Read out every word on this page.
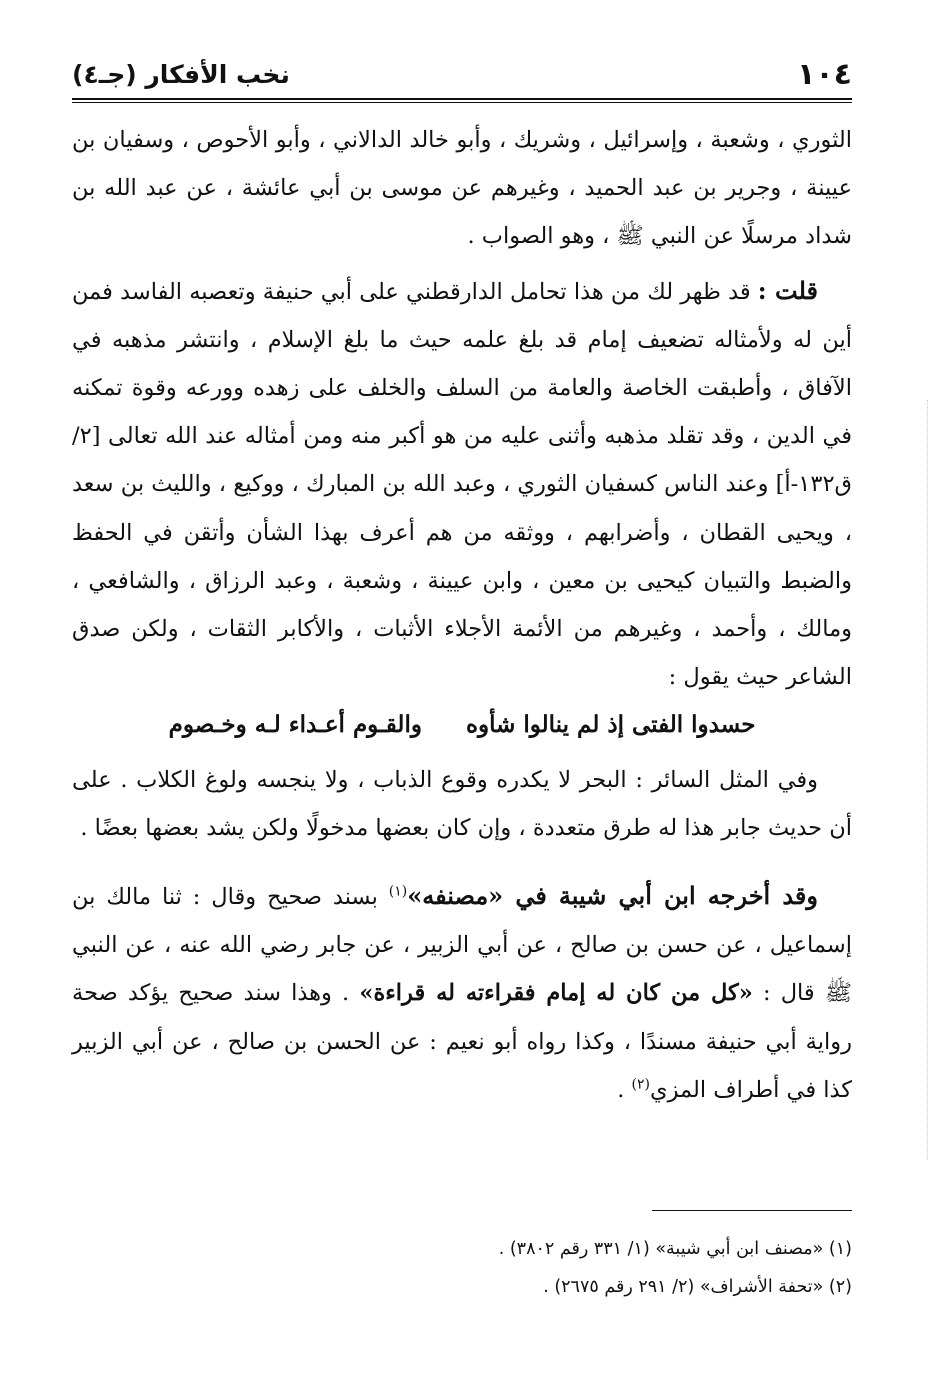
١٠٤
نخب الأفكار (جـ٤)

الثوري ، وشعبة ، وإسرائيل ، وشريك ، وأبو خالد الدالاني ، وأبو الأحوص ، وسفيان بن عيينة ، وجرير بن عبد الحميد ، وغيرهم عن موسى بن أبي عائشة ، عن عبد الله بن شداد مرسلًا عن النبي ﷺ ، وهو الصواب .

قلت : قد ظهر لك من هذا تحامل الدارقطني على أبي حنيفة وتعصبه الفاسد فمن أين له ولأمثاله تضعيف إمام قد بلغ علمه حيث ما بلغ الإسلام ، وانتشر مذهبه في الآفاق ، وأطبقت الخاصة والعامة من السلف والخلف على زهده وورعه وقوة تمكنه في الدين ، وقد تقلد مذهبه وأثنى عليه من هو أكبر منه ومن أمثاله عند الله تعالى [٢/ق١٣٢-أ] وعند الناس كسفيان الثوري ، وعبد الله بن المبارك ، ووكيع ، والليث بن سعد ، ويحيى القطان ، وأضرابهم ، ووثقه من هم أعرف بهذا الشأن وأتقن في الحفظ والضبط والتبيان كيحيى بن معين ، وابن عيينة ، وشعبة ، وعبد الرزاق ، والشافعي ، ومالك ، وأحمد ، وغيرهم من الأئمة الأجلاء الأثبات ، والأكابر الثقات ، ولكن صدق الشاعر حيث يقول :

حسدوا الفتى إذ لم ينالوا شأوه
والقـوم أعـداء لـه وخـصوم

وفي المثل السائر : البحر لا يكدره وقوع الذباب ، ولا ينجسه ولوغ الكلاب . على أن حديث جابر هذا له طرق متعددة ، وإن كان بعضها مدخولًا ولكن يشد بعضها بعضًا .

وقد أخرجه ابن أبي شيبة في «مصنفه»$^{(١)}$ بسند صحيح وقال : ثنا مالك بن إسماعيل ، عن حسن بن صالح ، عن أبي الزبير ، عن جابر رضي الله عنه ، عن النبي ﷺ قال : «كل من كان له إمام فقراءته له قراءة» . وهذا سند صحيح يؤكد صحة رواية أبي حنيفة مسندًا ، وكذا رواه أبو نعيم : عن الحسن بن صالح ، عن أبي الزبير كذا في أطراف المزي$^{(٢)}$ .

(١) «مصنف ابن أبي شيبة» (١/ ٣٣١ رقم ٣٨٠٢) .
(٢) «تحفة الأشراف» (٢/ ٢٩١ رقم ٢٦٧٥) .
